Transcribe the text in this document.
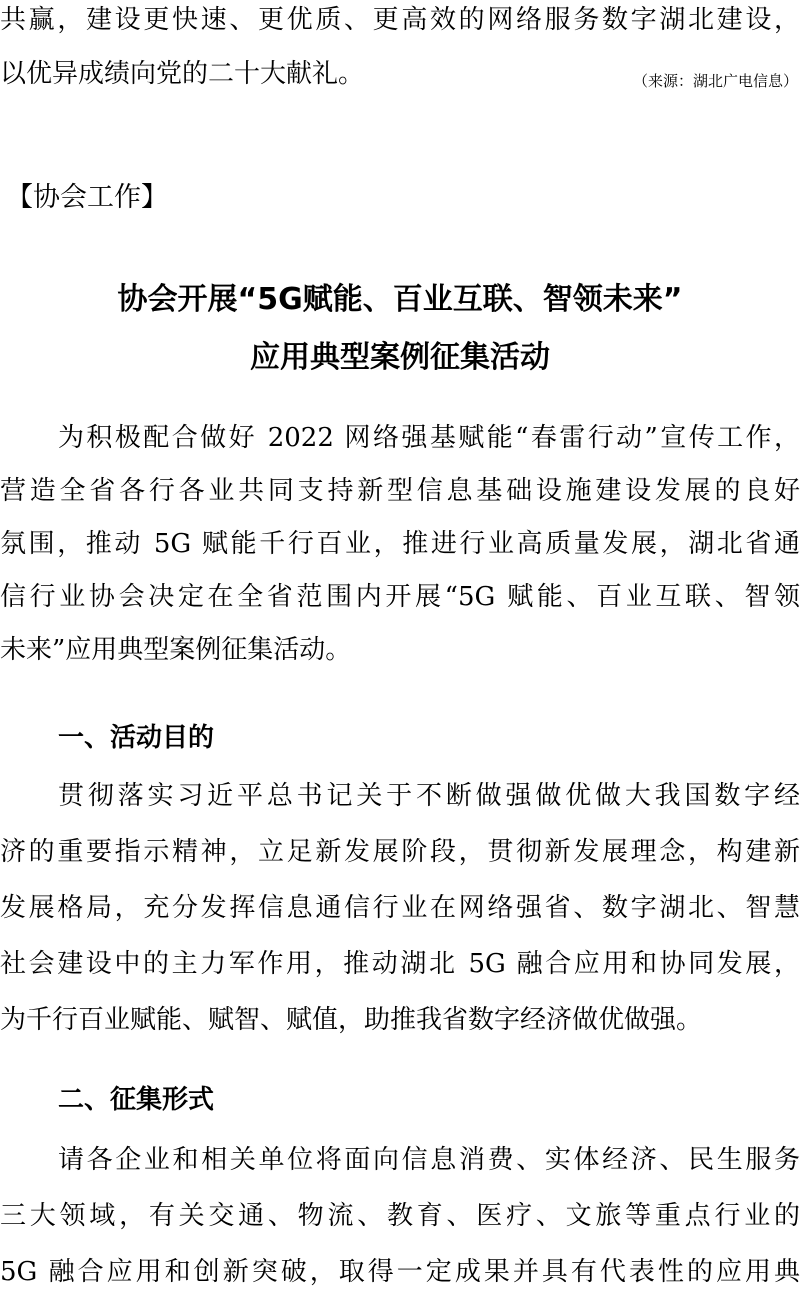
共赢，建设更快速、更优质、更高效的网络服务数字湖北建设，
以优异成绩向党的二十大献礼。	（来源：湖北广电信息）
【协会工作】
协会开展“5G赋能、百业互联、智领未来”
应用典型案例征集活动
为积极配合做好 2022 网络强基赋能“春雷行动”宣传工作，
营造全省各行各业共同支持新型信息基础设施建设发展的良好
氛围，推动 5G 赋能千行百业，推进行业高质量发展，湖北省通
信行业协会决定在全省范围内开展“5G 赋能、百业互联、智领
未来”应用典型案例征集活动。
一、活动目的
贯彻落实习近平总书记关于不断做强做优做大我国数字经
济的重要指示精神，立足新发展阶段，贯彻新发展理念，构建新
发展格局，充分发挥信息通信行业在网络强省、数字湖北、智慧
社会建设中的主力军作用，推动湖北 5G 融合应用和协同发展，
为千行百业赋能、赋智、赋值，助推我省数字经济做优做强。
二、征集形式
请各企业和相关单位将面向信息消费、实体经济、民生服务
三大领域，有关交通、物流、教育、医疗、文旅等重点行业的
5G 融合应用和创新突破，取得一定成果并具有代表性的应用典
